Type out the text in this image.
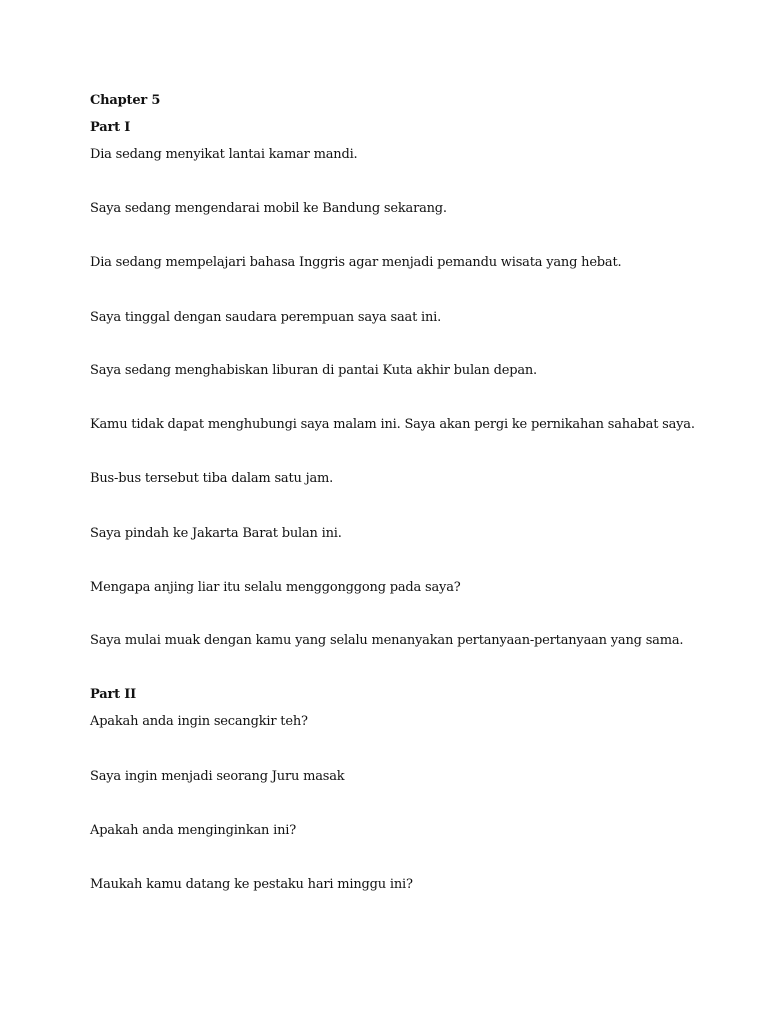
Chapter 5
Part I
Dia sedang menyikat lantai kamar mandi.
Saya sedang mengendarai mobil ke Bandung sekarang.
Dia sedang mempelajari bahasa Inggris agar menjadi pemandu wisata yang hebat.
Saya tinggal dengan saudara perempuan saya saat ini.
Saya sedang menghabiskan liburan di pantai Kuta akhir bulan depan.
Kamu tidak dapat menghubungi saya malam ini. Saya akan pergi ke pernikahan sahabat saya.
Bus-bus tersebut tiba dalam satu jam.
Saya pindah ke Jakarta Barat bulan ini.
Mengapa anjing liar itu selalu menggonggong pada saya?
Saya mulai muak dengan kamu yang selalu menanyakan pertanyaan-pertanyaan yang sama.
Part II
Apakah anda ingin secangkir teh?
Saya ingin menjadi seorang Juru masak
Apakah anda menginginkan ini?
Maukah kamu datang ke pestaku hari minggu ini?
